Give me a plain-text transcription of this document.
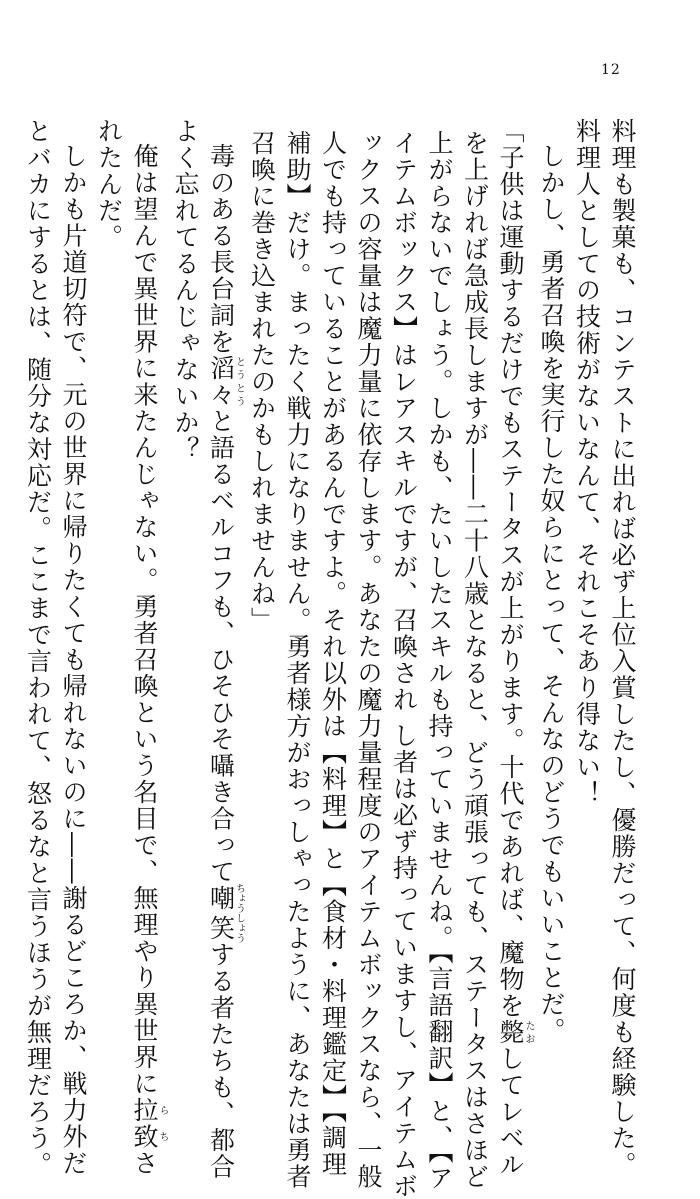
12
料理も製菓も、コンテストに出れば必ず上位入賞したし、優勝だって、何度も経験した。
料理人としての技術がないなんて、それこそあり得ない！
しかし、勇者召喚を実行した奴らにとって、そんなのどうでもいいことだ。
「子供は運動するだけでもステータスが上がります。十代であれば、魔物を斃たおしてレベル
を上げれば急成長しますが――二十八歳となると、どう頑張っても、ステータスはさほど
上がらないでしょう。しかも、たいしたスキルも持っていませんね。【言語翻訳】と、【ア
イテムボックス】はレアスキルですが、召喚され し者は必ず持っていますし、アイテムボ
ックスの容量は魔力量に依存します。あなたの魔力量程度のアイテムボックスなら、一般
人でも持っていることがあるんですよ。それ以外は【料理】と【食材・料理鑑定】【調理
補助】だけ。まったく戦力になりません。勇者様方がおっしゃったように、あなたは勇者
召喚に巻き込まれたのかもしれませんね」
毒のある長台詞を滔々とうとうと語るベルコフも、ひそひそ囁き合って嘲笑ちょうしょうする者たちも、都合
よく忘れてるんじゃないか？
俺は望んで異世界に来たんじゃない。勇者召喚という名目で、無理やり異世界に拉致らちさ
れたんだ。
しかも片道切符で、元の世界に帰りたくても帰れないのに――謝るどころか、戦力外だ
とバカにするとは、随分な対応だ。ここまで言われて、怒るなと言うほうが無理だろう。
